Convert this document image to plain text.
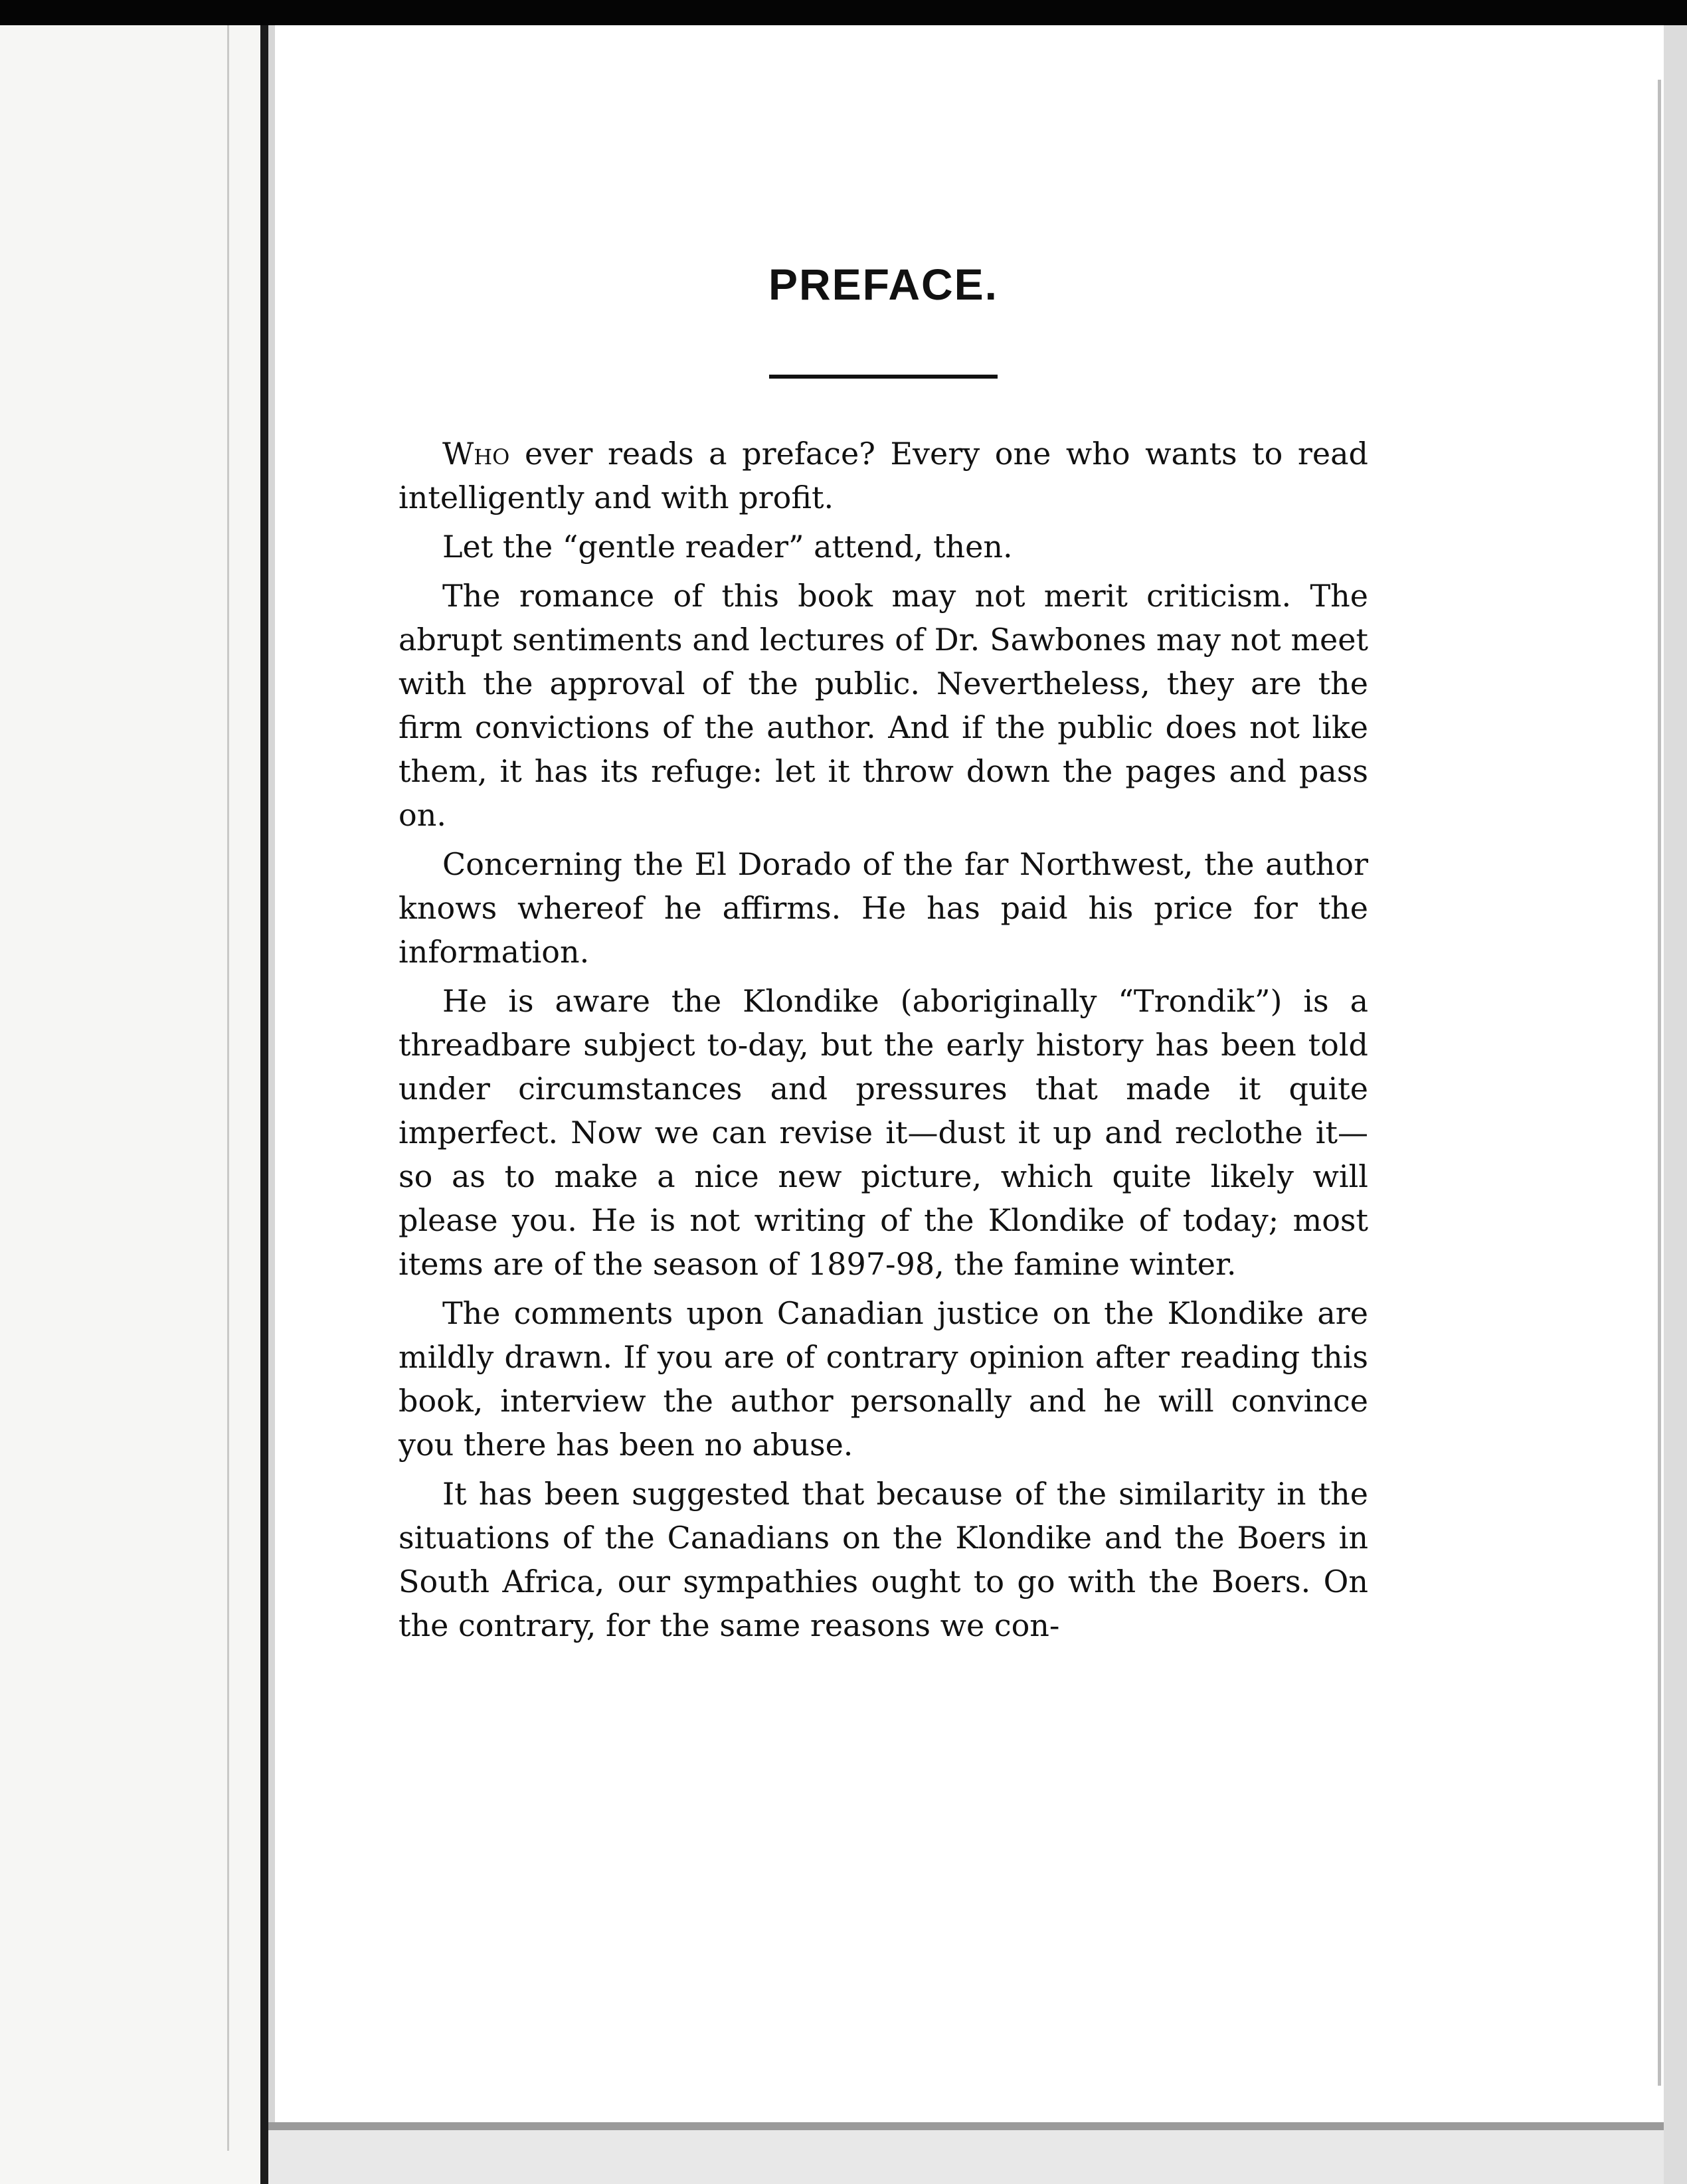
PREFACE.

Who ever reads a preface? Every one who wants to read intelligently and with profit.

Let the “gentle reader” attend, then.

The romance of this book may not merit criticism. The abrupt sentiments and lectures of Dr. Sawbones may not meet with the approval of the public. Nevertheless, they are the firm convictions of the author. And if the public does not like them, it has its refuge: let it throw down the pages and pass on.

Concerning the El Dorado of the far Northwest, the author knows whereof he affirms. He has paid his price for the information.

He is aware the Klondike (aboriginally “Trondik”) is a threadbare subject to-day, but the early history has been told under circumstances and pressures that made it quite imperfect. Now we can revise it—dust it up and reclothe it—so as to make a nice new picture, which quite likely will please you. He is not writing of the Klondike of today; most items are of the season of 1897-98, the famine winter.

The comments upon Canadian justice on the Klondike are mildly drawn. If you are of contrary opinion after reading this book, interview the author personally and he will convince you there has been no abuse.

It has been suggested that because of the similarity in the situations of the Canadians on the Klondike and the Boers in South Africa, our sympathies ought to go with the Boers. On the contrary, for the same reasons we con-
